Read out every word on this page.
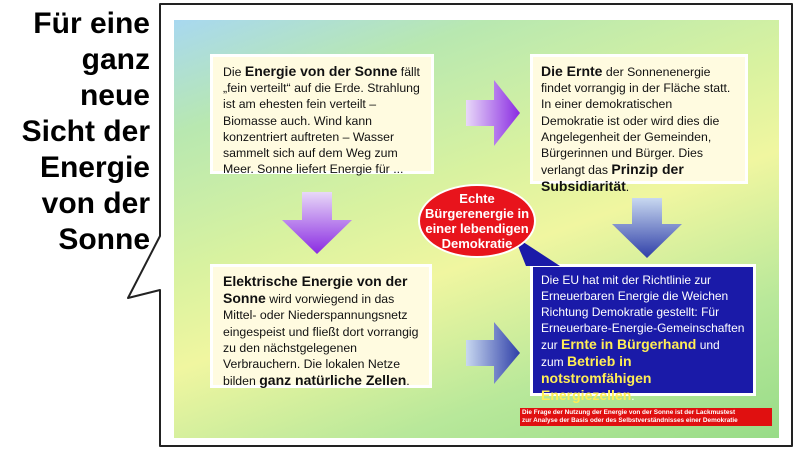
Für eine
ganz neue
Sicht der
Energie
von der
Sonne
Die Energie von der Sonne fällt „fein verteilt“ auf die Erde. Strahlung ist am ehesten fein verteilt – Biomasse auch. Wind kann konzentriert auftreten – Wasser sammelt sich auf dem Weg zum Meer. Sonne liefert Energie für ...
Die Ernte der Sonnenenergie findet vorrangig in der Fläche statt. In einer demokratischen Demokratie ist oder wird dies die Angelegenheit der Gemeinden, Bürgerinnen und Bürger. Dies verlangt das Prinzip der Subsidiarität.
Elektrische Energie von der Sonne wird vorwiegend in das Mittel- oder Niederspannungsnetz eingespeist und fließt dort vorrangig zu den nächstgelegenen Verbrauchern. Die lokalen Netze bilden ganz natürliche Zellen.
Die EU hat mit der Richtlinie zur Erneuerbaren Energie die Weichen Richtung Demokratie gestellt: Für Erneuerbare-Energie-Gemeinschaften zur Ernte in Bürgerhand und zum Betrieb in notstromfähigen Energiezellen.
Echte
Bürgerenergie in
einer lebendigen
Demokratie
Die Frage der Nutzung der Energie von der Sonne ist der Lackmustest
zur Analyse der Basis oder des Selbstverständnisses einer Demokratie
